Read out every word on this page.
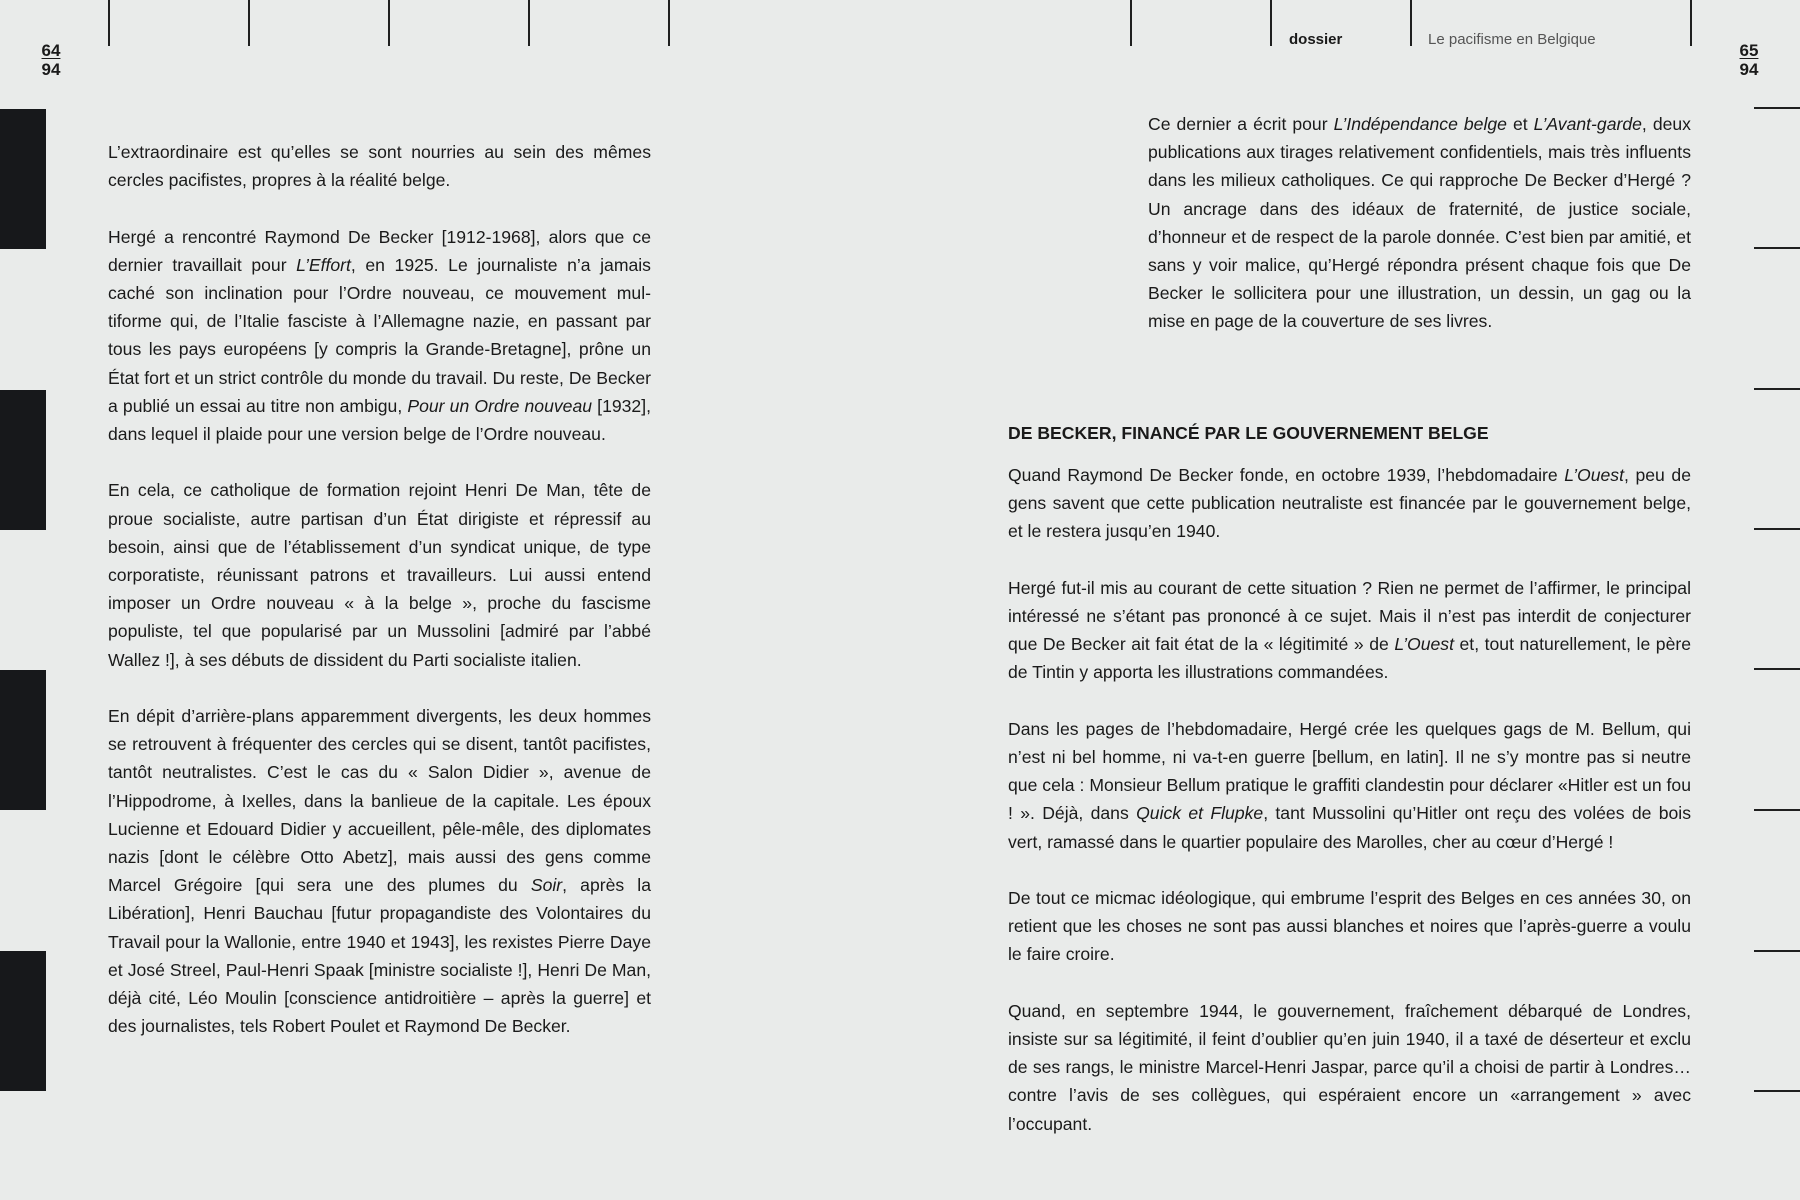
dossier	Le pacifisme en Belgique
64
94
65
94

L’extraordinaire est qu’elles se sont nourries au sein des mêmes cercles pacifistes, propres à la réalité belge.

Hergé a rencontré Raymond De Becker [1912-1968], alors que ce dernier travaillait pour L’Effort, en 1925. Le journaliste n’a jamais caché son inclination pour l’Ordre nouveau, ce mouvement multiforme qui, de l’Italie fasciste à l’Allemagne nazie, en passant par tous les pays européens [y compris la Grande-Bretagne], prône un État fort et un strict contrôle du monde du travail. Du reste, De Becker a publié un essai au titre non ambigu, Pour un Ordre nouveau [1932], dans lequel il plaide pour une version belge de l’Ordre nouveau.

En cela, ce catholique de formation rejoint Henri De Man, tête de proue socialiste, autre partisan d’un État dirigiste et répressif au besoin, ainsi que de l’établissement d’un syndicat unique, de type corporatiste, réunissant patrons et travailleurs. Lui aussi entend imposer un Ordre nouveau « à la belge », proche du fascisme populiste, tel que popularisé par un Mussolini [admiré par l’abbé Wallez !], à ses débuts de dissident du Parti socialiste italien.

En dépit d’arrière-plans apparemment divergents, les deux hommes se retrouvent à fréquenter des cercles qui se disent, tantôt pacifistes, tantôt neutralistes. C’est le cas du « Salon Didier », avenue de l’Hippodrome, à Ixelles, dans la banlieue de la capitale. Les époux Lucienne et Edouard Didier y accueillent, pêle-mêle, des diplomates nazis [dont le célèbre Otto Abetz], mais aussi des gens comme Marcel Grégoire [qui sera une des plumes du Soir, après la Libération], Henri Bauchau [futur propagandiste des Volontaires du Travail pour la Wallonie, entre 1940 et 1943], les rexistes Pierre Daye et José Streel, Paul-Henri Spaak [ministre socialiste !], Henri De Man, déjà cité, Léo Moulin [conscience antidroitière – après la guerre] et des journalistes, tels Robert Poulet et Raymond De Becker.

Ce dernier a écrit pour L’Indépendance belge et L’Avant-garde, deux publications aux tirages relativement confidentiels, mais très influents dans les milieux catholiques. Ce qui rapproche De Becker d’Hergé ? Un ancrage dans des idéaux de fraternité, de justice sociale, d’honneur et de respect de la parole donnée. C’est bien par amitié, et sans y voir malice, qu’Hergé répondra présent chaque fois que De Becker le sollicitera pour une illustration, un dessin, un gag ou la mise en page de la couverture de ses livres.

DE BECKER, FINANCÉ PAR LE GOUVERNEMENT BELGE

Quand Raymond De Becker fonde, en octobre 1939, l’hebdomadaire L’Ouest, peu de gens savent que cette publication neutraliste est financée par le gouvernement belge, et le restera jusqu’en 1940.

Hergé fut-il mis au courant de cette situation ? Rien ne permet de l’affirmer, le principal intéressé ne s’étant pas prononcé à ce sujet. Mais il n’est pas interdit de conjecturer que De Becker ait fait état de la « légitimité » de L’Ouest et, tout naturellement, le père de Tintin y apporta les illustrations commandées.

Dans les pages de l’hebdomadaire, Hergé crée les quelques gags de M. Bellum, qui n’est ni bel homme, ni va-t-en guerre [bellum, en latin]. Il ne s’y montre pas si neutre que cela : Monsieur Bellum pratique le graffiti clandestin pour déclarer «Hitler est un fou ! ». Déjà, dans Quick et Flupke, tant Mussolini qu’Hitler ont reçu des volées de bois vert, ramassé dans le quartier populaire des Marolles, cher au cœur d’Hergé !

De tout ce micmac idéologique, qui embrume l’esprit des Belges en ces années 30, on retient que les choses ne sont pas aussi blanches et noires que l’après-guerre a voulu le faire croire.

Quand, en septembre 1944, le gouvernement, fraîchement débarqué de Londres, insiste sur sa légitimité, il feint d’oublier qu’en juin 1940, il a taxé de déserteur et exclu de ses rangs, le ministre Marcel-Henri Jaspar, parce qu’il a choisi de partir à Londres… contre l’avis de ses collègues, qui espéraient encore un «arrangement » avec l’occupant.
